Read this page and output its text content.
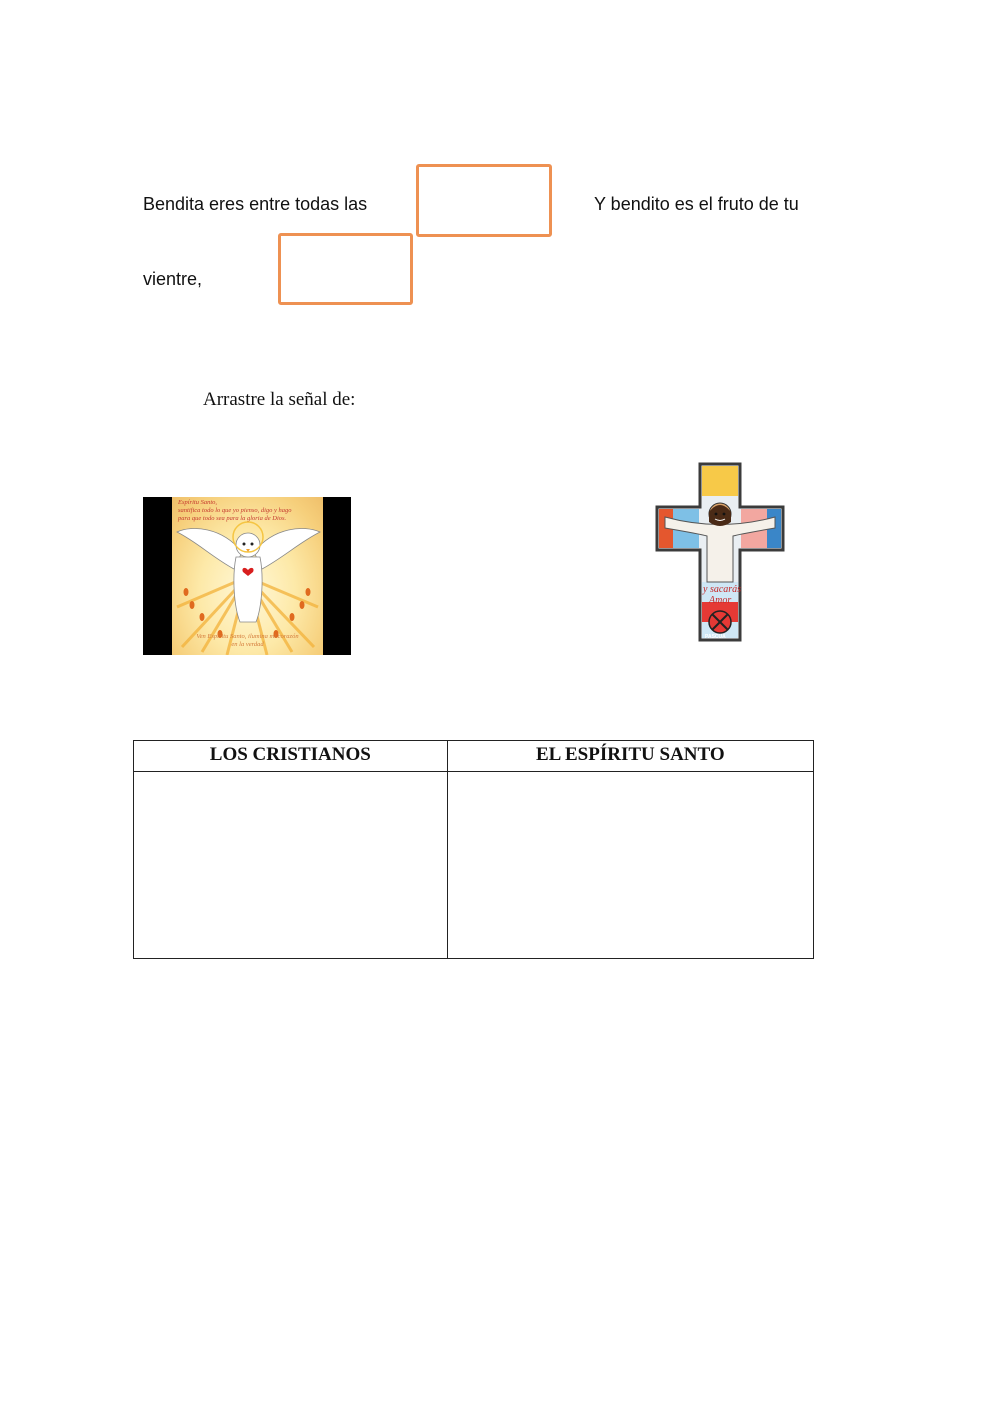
Bendita eres entre todas las	Y bendito es el fruto de tu
vientre,
Arrastre la señal de:
Espíritu Santo,
santifica todo lo que yo pienso, digo y hago
para que todo sea para la gloria de Dios.
Ven Espíritu Santo, ilumina mi corazón
en la verdad
y sacarás
Amor
PASCUA
LOS CRISTIANOS	EL ESPÍRITU SANTO
